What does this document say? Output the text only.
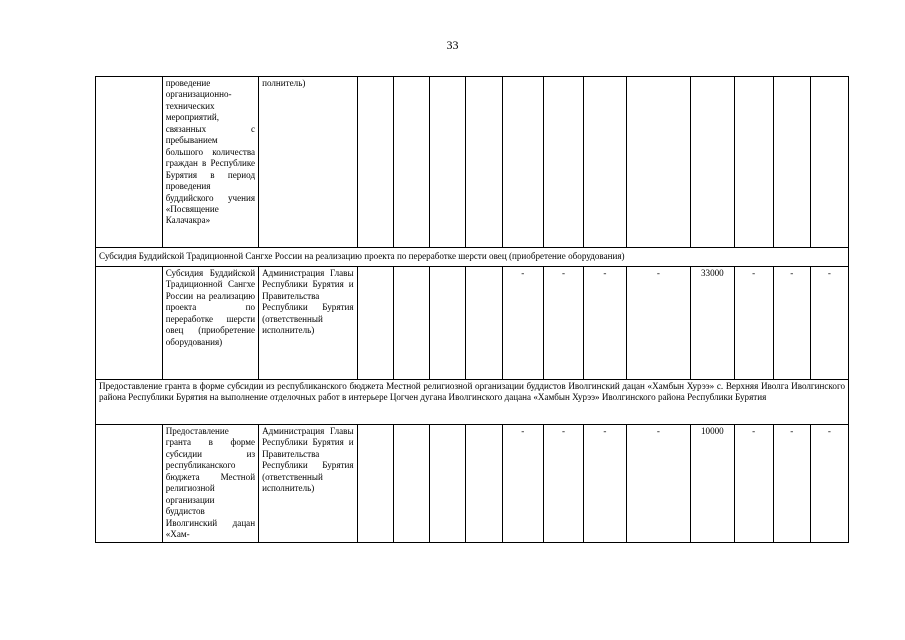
33
	проведение организационно-технических мероприятий, связанных с пребыванием большого количества граждан в Республике Бурятия в период проведения буддийского учения «Посвящение Калачакра»	полнитель)												
Субсидия Буддийской Традиционной Сангхе России на реализацию проекта по переработке шерсти овец (приобретение оборудования)														
	Субсидия Буддийской Традиционной Сангхе России на реализацию проекта по переработке шерсти овец (приобретение оборудования)	Администрация Главы Республики Бурятия и Правительства Республики Бурятия (ответственный исполнитель)					-	-	-	-	33000	-	-	-
Предоставление гранта в форме субсидии из республиканского бюджета Местной религиозной организации буддистов Иволгинский дацан «Хамбын Хурээ» с. Верхняя Иволга Иволгинского района Республики Бурятия на выполнение отделочных работ в интерьере Цогчен дугана Иволгинского дацана «Хамбын Хурээ» Иволгинского района Республики Бурятия														
	Предоставление гранта в форме субсидии из республиканского бюджета Местной религиозной организации буддистов Иволгинский дацан «Хам-	Администрация Главы Республики Бурятия и Правительства Республики Бурятия (ответственный исполнитель)					-	-	-	-	10000	-	-	-
